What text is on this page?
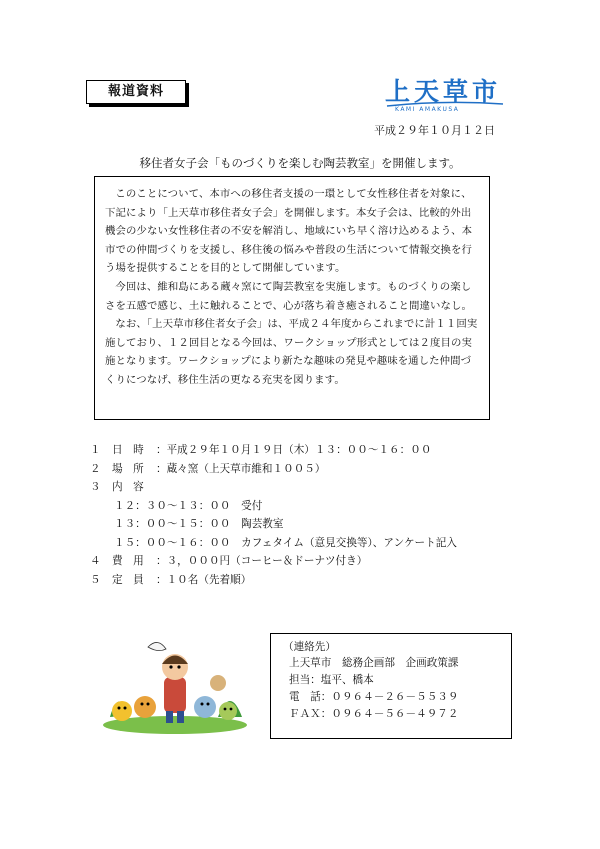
報道資料	上天草市
KAMI AMAKUSA
平成２９年１０月１２日
移住者女子会「ものづくりを楽しむ陶芸教室」を開催します。

このことについて、本市への移住者支援の一環として女性移住者を対象に、下記により「上天草市移住者女子会」を開催します。本女子会は、比較的外出機会の少ない女性移住者の不安を解消し、地域にいち早く溶け込めるよう、本市での仲間づくりを支援し、移住後の悩みや普段の生活について情報交換を行う場を提供することを目的として開催しています。

今回は、維和島にある蔵々窯にて陶芸教室を実施します。ものづくりの楽しさを五感で感じ、土に触れることで、心が落ち着き癒されること間違いなし。

なお、「上天草市移住者女子会」は、平成２４年度からこれまでに計１１回実施しており、１２回目となる今回は、ワークショップ形式としては２度目の実施となります。ワークショップにより新たな趣味の発見や趣味を通した仲間づくりにつなげ、移住生活の更なる充実を図ります。

１ 日　時 ：平成２９年１０月１９日（木）１３：００～１６：００
２ 場　所 ：蔵々窯（上天草市維和１００５）
３ 内　容
１２：３０～１３：００　受付
１３：００～１５：００　陶芸教室
１５：００～１６：００　カフェタイム（意見交換等）、アンケート記入
４ 費　用 ：３，０００円（コーヒー＆ドーナツ付き）
５ 定　員 ：１０名（先着順）
（連絡先）
上天草市　総務企画部　企画政策課
担当：塩平、橋本
電　話：０９６４－２６－５５３９
ＦＡＸ：０９６４－５６－４９７２
